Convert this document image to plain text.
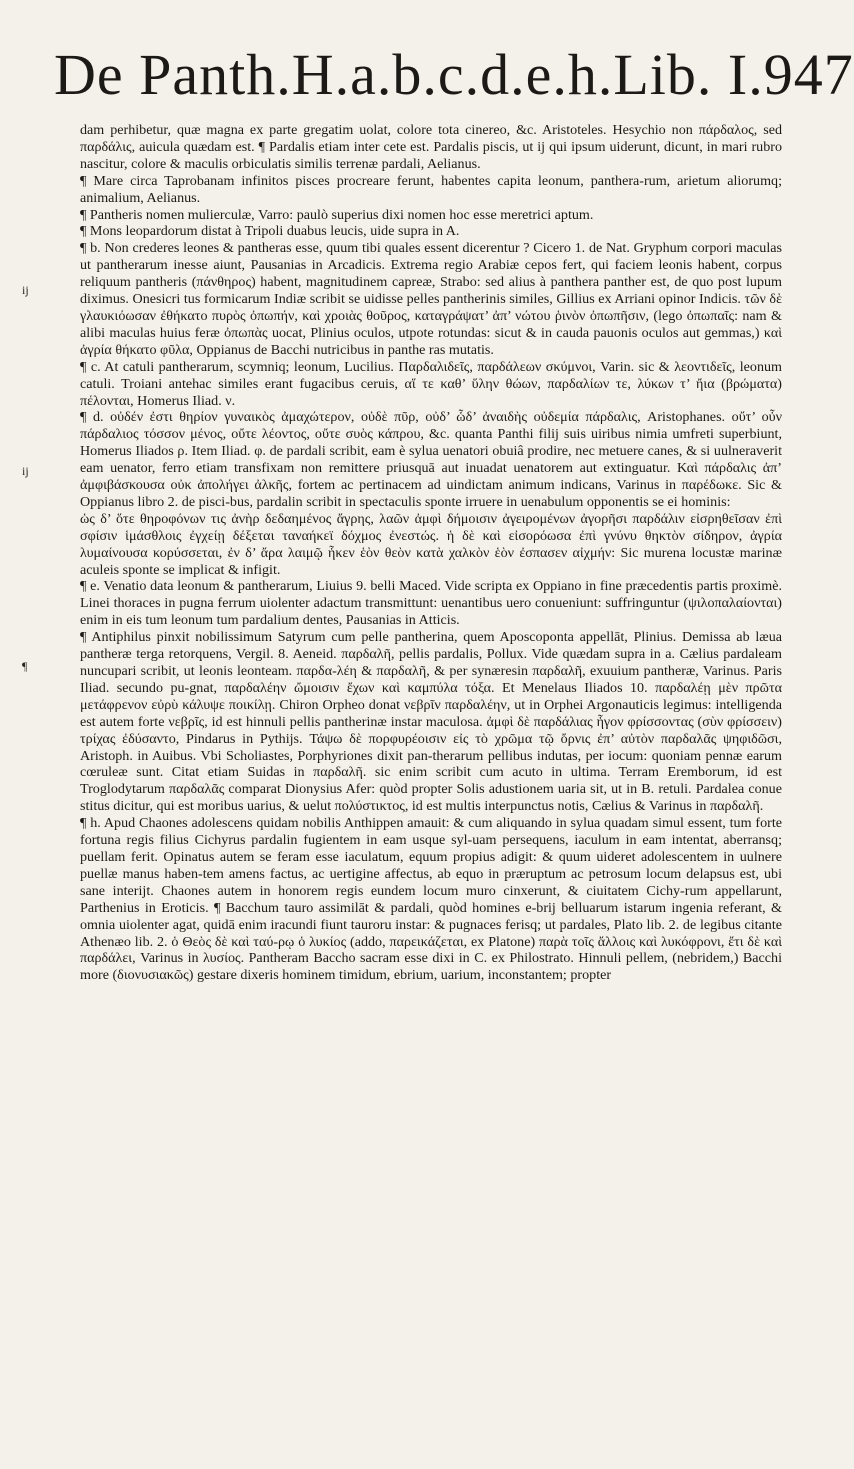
De Panth. H.a.b.c.d.e.h. Lib. I. 947

dam perhibetur, quæ magna ex parte gregatim uolat, colore tota cinereo, &c. Aristoteles. Hesychio non πάρδαλος, sed παρδάλις, auicula quædam est. ¶ Pardalis etiam inter cete est. Pardalis piscis, ut ij qui ipsum uiderunt, dicunt, in mari rubro nascitur, colore & maculis orbiculatis similis terrenæ pardali, Aelianus.

¶ Mare circa Taprobanam infinitos pisces procreare ferunt, habentes capita leonum, panthera-rum, arietum aliorumq; animalium, Aelianus.

¶ Pantheris nomen mulierculæ, Varro: paulò superius dixi nomen hoc esse meretrici aptum.

¶ Mons leopardorum distat à Tripoli duabus leucis, uide supra in A.

¶ b. Non crederes leones & pantheras esse, quum tibi quales essent dicerentur ? Cicero 1. de Nat. Gryphum corpori maculas ut pantherarum inesse aiunt, Pausanias in Arcadicis. Extrema regio Arabiæ cepos fert, qui faciem leonis habent, corpus reliquum pantheris (πάνθηρος) habent, magnitudinem capreæ, Strabo: sed alius à panthera panther est, de quo post lupum diximus. Onesicri tus formicarum Indiæ scribit se uidisse pelles pantherinis similes, Gillius ex Arriani opinor Indicis. τῶν δὲ γλαυκιόωσαν ἐθήκατο πυρὸς ὀπωπήν, καὶ χροιὰς θοῦρος, καταγράψατ’ ἀπ’ νώτου ῥινὸν ὀπωπῆσιν, (lego ὀπωπαῖς: nam & alibi maculas huius feræ ὀπωπὰς uocat, Plinius oculos, utpote rotundas: sicut & in cauda pauonis oculos aut gemmas,) καὶ ἀγρία θήκατο φῦλα, Oppianus de Bacchi nutricibus in panthe ras mutatis.

¶ c. At catuli pantherarum, scymniq; leonum, Lucilius. Παρδαλιδεῖς, παρδάλεων σκύμνοι, Varin. sic & λεοντιδεῖς, leonum catuli. Troiani antehac similes erant fugacibus ceruis, αἵ τε καθ’ ὕλην θώων, παρδαλίων τε, λύκων τ’ ἤια (βρώματα) πέλονται, Homerus Iliad. ν.

¶ d. οὐδέν ἐστι θηρίον γυναικὸς ἀμαχώτερον, οὐδὲ πῦρ, οὐδ’ ὧδ’ ἀναιδὴς οὐδεμία πάρδαλις, Aristophanes. οὔτ’ οὖν πάρδαλιος τόσσον μένος, οὔτε λέοντος, οὔτε συὸς κάπρου, &c. quanta Panthi filij suis uiribus nimia umfreti superbiunt, Homerus Iliados ρ. Item Iliad. φ. de pardali scribit, eam è sylua uenatori obuiâ prodire, nec metuere canes, & si uulneraverit eam uenator, ferro etiam transfixam non remittere priusquā aut inuadat uenatorem aut extinguatur. Καὶ πάρδαλις ἀπ’ ἀμφιβάσκουσα οὐκ ἀπολήγει ἀλκῆς, fortem ac pertinacem ad uindictam animum indicans, Varinus in παρέδωκε. Sic & Oppianus libro 2. de pisci-bus, pardalin scribit in spectaculis sponte irruere in uenabulum opponentis se ei hominis:

ὡς δ’ ὅτε θηροφόνων τις ἀνὴρ δεδαημένος ἄγρης, λαῶν ἀμφὶ δήμοισιν ἀγειρομένων ἀγορῆσι παρδάλιν εἰσρηθεῖσαν ἐπὶ σφίσιν ἱμάσθλοις ἐγχείῃ δέξεται ταναήκεϊ δόχμος ἐνεστώς. ἡ δὲ καὶ εἰσορόωσα ἐπὶ γνύνυ θηκτὸν σίδηρον, ἀγρία λυμαίνουσα κορύσσεται, ἐν δ’ ἄρα λαιμῷ ἧκεν ἑὸν θεὸν κατὰ χαλκὸν ἑὸν ἐσπασεν αἰχμήν: Sic murena locustæ marinæ aculeis sponte se implicat & infigit.

¶ e. Venatio data leonum & pantherarum, Liuius 9. belli Maced. Vide scripta ex Oppiano in fine præcedentis partis proximè. Linei thoraces in pugna ferrum uiolenter adactum transmittunt: uenantibus uero conueniunt: suffringuntur (ψιλοπαλαίονται) enim in eis tum leonum tum pardalium dentes, Pausanias in Atticis.

¶ Antiphilus pinxit nobilissimum Satyrum cum pelle pantherina, quem Aposcoponta appellāt, Plinius. Demissa ab læua pantheræ terga retorquens, Vergil. 8. Aeneid. παρδαλῆ, pellis pardalis, Pollux. Vide quædam supra in a. Cælius pardaleam nuncupari scribit, ut leonis leonteam. παρδα-λέη & παρδαλῆ, & per synæresin παρδαλῆ, exuuium pantheræ, Varinus. Paris Iliad. secundo pu-gnat, παρδαλέην ὤμοισιν ἔχων καὶ καμπύλα τόξα. Et Menelaus Iliados 10. παρδαλέῃ μὲν πρῶτα μετάφρενον εὐρὺ κάλυψε ποικίλῃ. Chiron Orpheo donat νεβρῖν παρδαλέην, ut in Orphei Argonauticis legimus: intelligenda est autem forte νεβρῖς, id est hinnuli pellis pantherinæ instar maculosa. ἀμφὶ δὲ παρδάλιας ἦγον φρίσσοντας (σὺν φρίσσειν) τρίχας ἐδύσαντο, Pindarus in Pythijs. Τάψω δὲ πορφυρέοισιν εἰς τὸ χρῶμα τῷ ὄρνις ἐπ’ αὐτὸν παρδαλᾶς ψηφιδῶσι, Aristoph. in Auibus. Vbi Scholiastes, Porphyriones dixit pan-therarum pellibus indutas, per iocum: quoniam pennæ earum cœruleæ sunt. Citat etiam Suidas in παρδαλῆ. sic enim scribit cum acuto in ultima. Terram Eremborum, id est Troglodytarum παρδαλᾶς comparat Dionysius Afer: quòd propter Solis adustionem uaria sit, ut in B. retuli. Pardalea conue stitus dicitur, qui est moribus uarius, & uelut πολύστικτος, id est multis interpunctus notis, Cælius & Varinus in παρδαλῆ.

¶ h. Apud Chaones adolescens quidam nobilis Anthippen amauit: & cum aliquando in sylua quadam simul essent, tum forte fortuna regis filius Cichyrus pardalin fugientem in eam usque syl-uam persequens, iaculum in eam intentat, aberransq; puellam ferit. Opinatus autem se feram esse iaculatum, equum propius adigit: & quum uideret adolescentem in uulnere puellæ manus haben-tem amens factus, ac uertigine affectus, ab equo in præruptum ac petrosum locum delapsus est, ubi sane interijt. Chaones autem in honorem regis eundem locum muro cinxerunt, & ciuitatem Cichy-rum appellarunt, Parthenius in Eroticis. ¶ Bacchum tauro assimilāt & pardali, quòd homines e-brij belluarum istarum ingenia referant, & omnia uiolenter agat, quidā enim iracundi fiunt tauroru instar: & pugnaces ferisq; ut pardales, Plato lib. 2. de legibus citante Athenæo lib. 2. ὁ Θεὸς δὲ καὶ ταύ-ρῳ ὁ λυκίος (addo, παρεικάζεται, ex Platone) παρὰ τοῖς ἄλλοις καὶ λυκόφρονι, ἔτι δὲ καὶ παρδάλει, Varinus in λυσίος. Pantheram Baccho sacram esse dixi in C. ex Philostrato. Hinnuli pellem, (nebridem,) Bacchi more (διονυσιακῶς) gestare dixeris hominem timidum, ebrium, uarium, inconstantem; propter

ij
ij
¶
